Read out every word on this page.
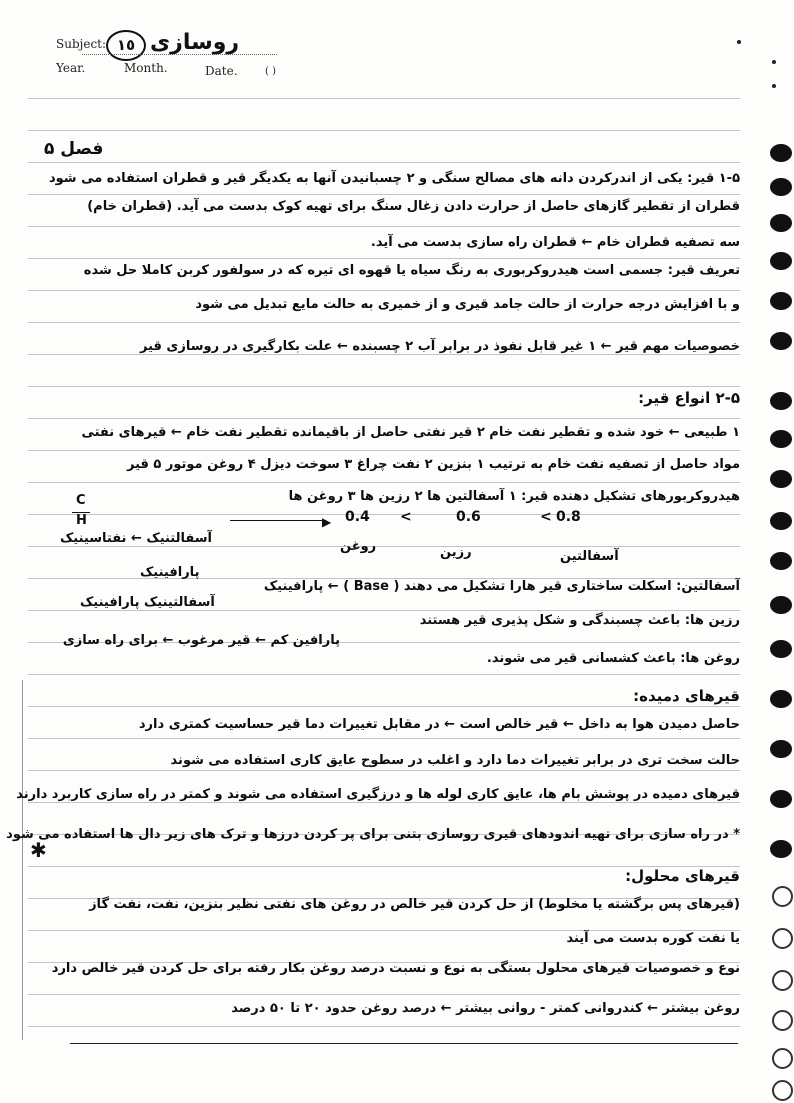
Subject: ١٥ روسازی
Year.	Month.	Date.	( )
فصل ۵
۱-۵ قیر: یکی از اندرکردن دانه های مصالح سنگی و ۲ چسبانیدن آنها به یکدیگر قیر و قطران استفاده می شود
قطران از تقطیر گازهای حاصل از حرارت دادن زغال سنگ برای تهیه کوک بدست می آید. (قطران خام)
سه تصفیه قطران خام ← قطران راه سازی بدست می آید.
تعریف قیر: جسمی است هیدروکربوری به رنگ سیاه یا قهوه ای تیره که در سولفور کربن کاملا حل شده
و با افزایش درجه حرارت از حالت جامد قیری و از خمیری به حالت مایع تبدیل می شود
خصوصیات مهم قیر ← ۱ غیر قابل نفوذ در برابر آب ۲ چسبنده ← علت بکارگیری در روسازی قیر
۲-۵ انواع قیر:
۱ طبیعی ← خود شده و تقطیر نفت خام ۲ قیر نفتی حاصل از باقیمانده تقطیر نفت خام ← قیرهای نفتی
مواد حاصل از تصفیه نفت خام به ترتیب ۱ بنزین ۲ نفت چراغ ۳ سوخت دیزل ۴ روغن موتور ۵ قیر
هیدروکربورهای تشکیل دهنده قیر: ۱ آسفالتین ها ۲ رزین ها ۳ روغن ها
C
H	▶ 0.4 <	0.6	< 0.8
روغن	رزین	آسفالتین
آسفالتنیک ← نفتاسینیک
پارافینیک
آسفالتینیک پارافینیک
آسفالتین: اسکلت ساختاری قیر هارا تشکیل می دهند ( Base ) ← پارافینیک
رزین ها: باعث چسبندگی و شکل پذیری قیر هستند
روغن ها: باعث کشسانی قیر می شوند.
پارافین کم ← قیر مرغوب ← برای راه سازی
قیرهای دمیده:
حاصل دمیدن هوا به داخل ← قیر خالص است ← در مقابل تغییرات دما قیر حساسیت کمتری دارد
حالت سخت تری در برابر تغییرات دما دارد و اغلب در سطوح عایق کاری استفاده می شوند
قیرهای دمیده در پوشش بام ها، عایق کاری لوله ها و درزگیری استفاده می شوند و کمتر در راه سازی کاربرد دارند
* در راه سازی برای تهیه اندودهای قیری روسازی بتنی برای پر کردن درزها و ترک های زیر دال ها استفاده می شود
قیرهای محلول:
(قیرهای پس برگشته یا مخلوط) از حل کردن قیر خالص در روغن های نفتی نظیر بنزین، نفت، نفت گاز
یا نفت کوره بدست می آیند
نوع و خصوصیات قیرهای محلول بستگی به نوع و نسبت درصد روغن بکار رفته برای حل کردن قیر خالص دارد
روغن بیشتر ← کندروانی کمتر - روانی بیشتر ← درصد روغن حدود ۲۰ تا ۵۰ درصد
✱
